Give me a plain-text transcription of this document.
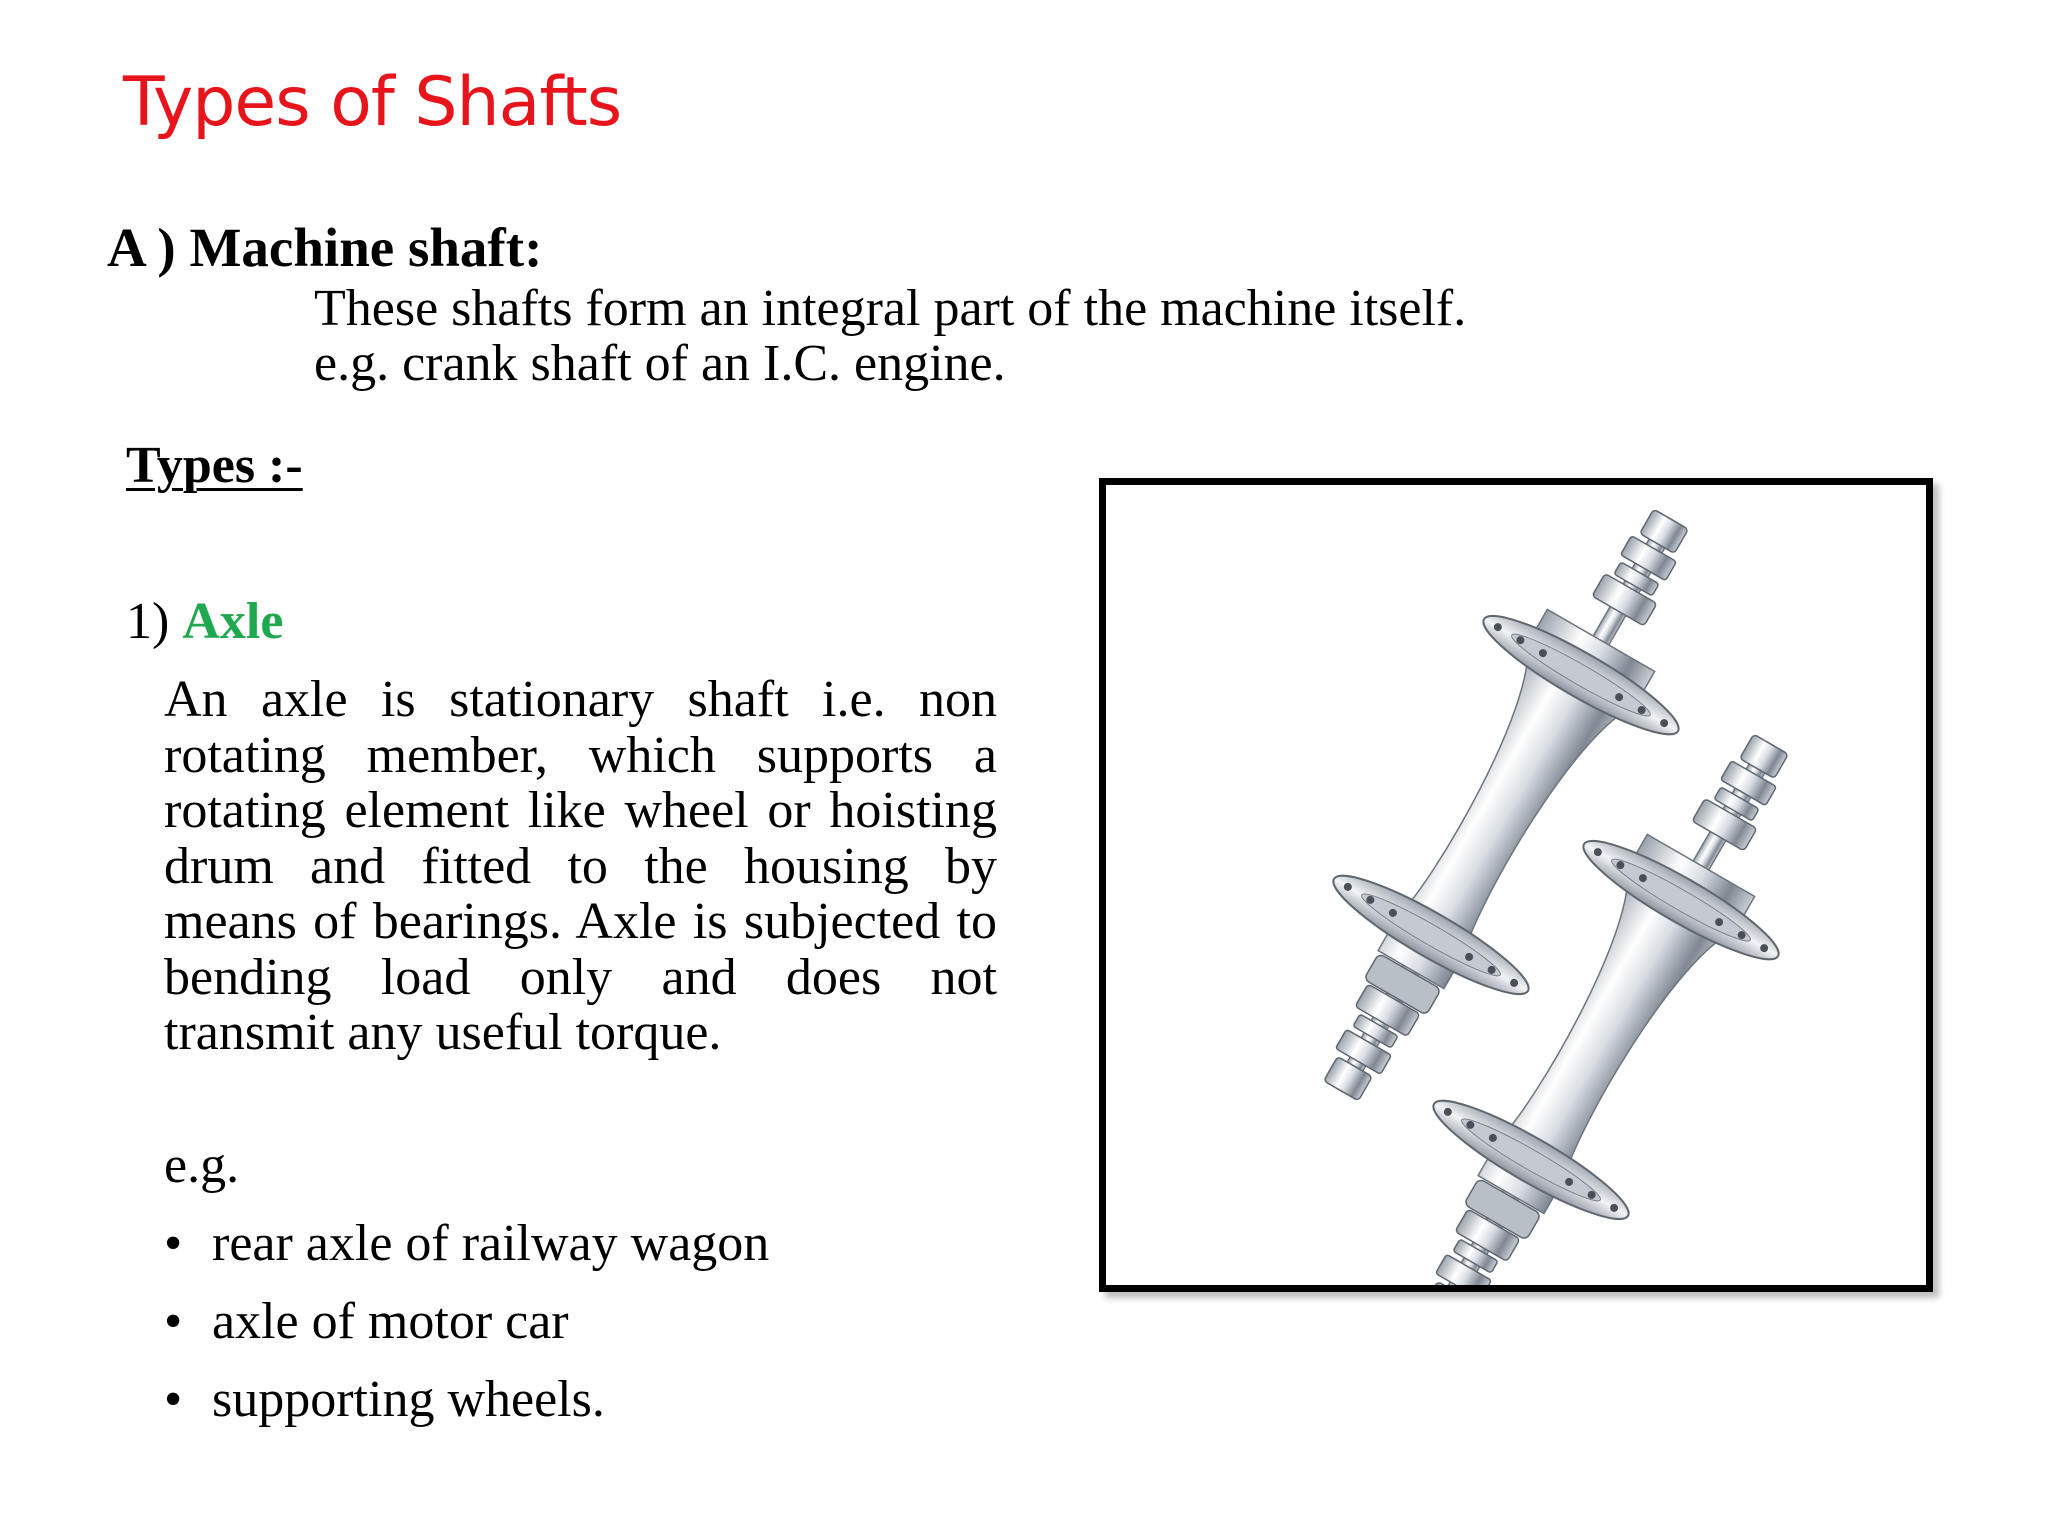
Types of Shafts
A ) Machine shaft:

These shafts form an integral part of the machine itself.
e.g. crank shaft of an I.C. engine.

Types :-

1) Axle

An axle is stationary shaft i.e. non rotating member, which supports a rotating element like wheel or hoisting drum and fitted to the housing by means of bearings. Axle is subjected to bending load only and does not transmit any useful torque.

e.g.

• rear axle of railway wagon
• axle of motor car
• supporting wheels.
